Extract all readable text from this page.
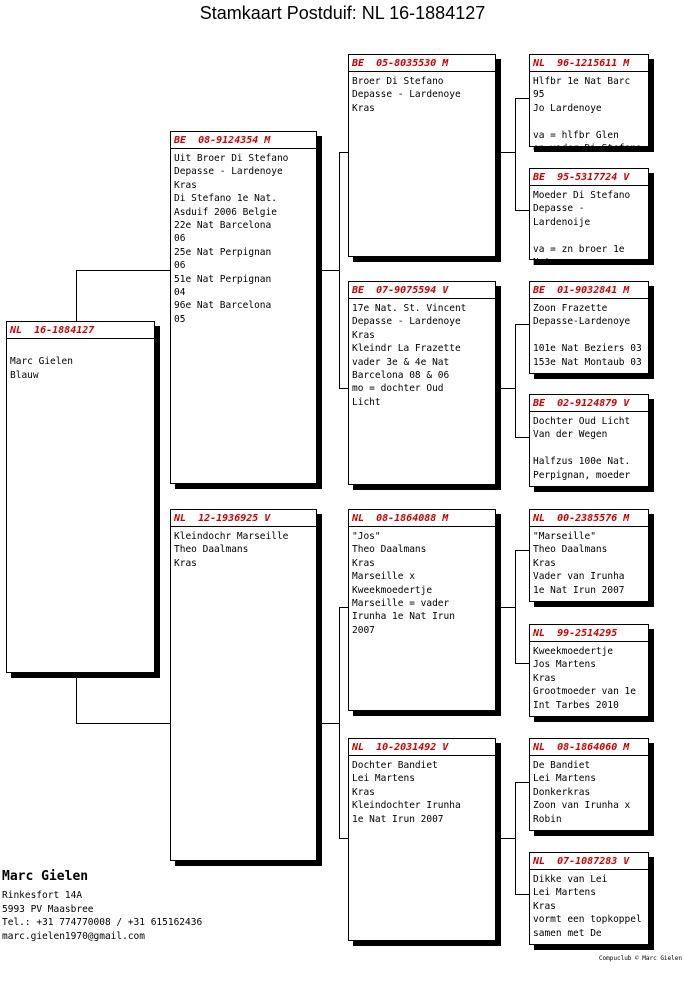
Stamkaart Postduif: NL 16-1884127
NL  16-1884127

Marc Gielen
Blauw
BE  08-9124354 M
Uit Broer Di Stefano
Depasse - Lardenoye
Kras
Di Stefano 1e Nat.
Asduif 2006 Belgie
22e Nat Barcelona
06
25e Nat Perpignan
06
51e Nat Perpignan
04
96e Nat Barcelona
05
NL  12-1936925 V
Kleindochr Marseille
Theo Daalmans
Kras
BE  05-8035530 M
Broer Di Stefano
Depasse - Lardenoye
Kras
BE  07-9075594 V
17e Nat. St. Vincent
Depasse - Lardenoye
Kras
Kleindr La Frazette
vader 3e & 4e Nat
Barcelona 08 & 06
mo = dochter Oud
Licht
NL  08-1864088 M
"Jos"
Theo Daalmans
Kras
Marseille x
Kweekmoedertje
Marseille = vader
Irunha 1e Nat Irun
2007
NL  10-2031492 V
Dochter Bandiet
Lei Martens
Kras
Kleindochter Irunha
1e Nat Irun 2007
NL  96-1215611 M
Hlfbr 1e Nat Barc 95
Jo Lardenoye

va = hlfbr Glen
en vader Di Stefano
BE  95-5317724 V
Moeder Di Stefano
Depasse - Lardenoije

va = zn broer 1e
Nat
BE  01-9032841 M
Zoon Frazette
Depasse-Lardenoye

101e Nat Beziers 03
153e Nat Montaub 03
BE  02-9124879 V
Dochter Oud Licht
Van der Wegen

Halfzus 100e Nat.
Perpignan, moeder
NL  00-2385576 M
"Marseille"
Theo Daalmans
Kras
Vader van Irunha
1e Nat Irun 2007
NL  99-2514295
Kweekmoedertje
Jos Martens
Kras
Grootmoeder van 1e
Int Tarbes 2010
NL  08-1864060 M
De Bandiet
Lei Martens
Donkerkras
Zoon van Irunha x
Robin
NL  07-1087283 V
Dikke van Lei
Lei Martens
Kras
vormt een topkoppel
samen met De
Marc Gielen
Rinkesfort 14A
5993 PV Maasbree
Tel.: +31 774770008 / +31 615162436
marc.gielen1970@gmail.com
Compuclub © Marc Gielen
